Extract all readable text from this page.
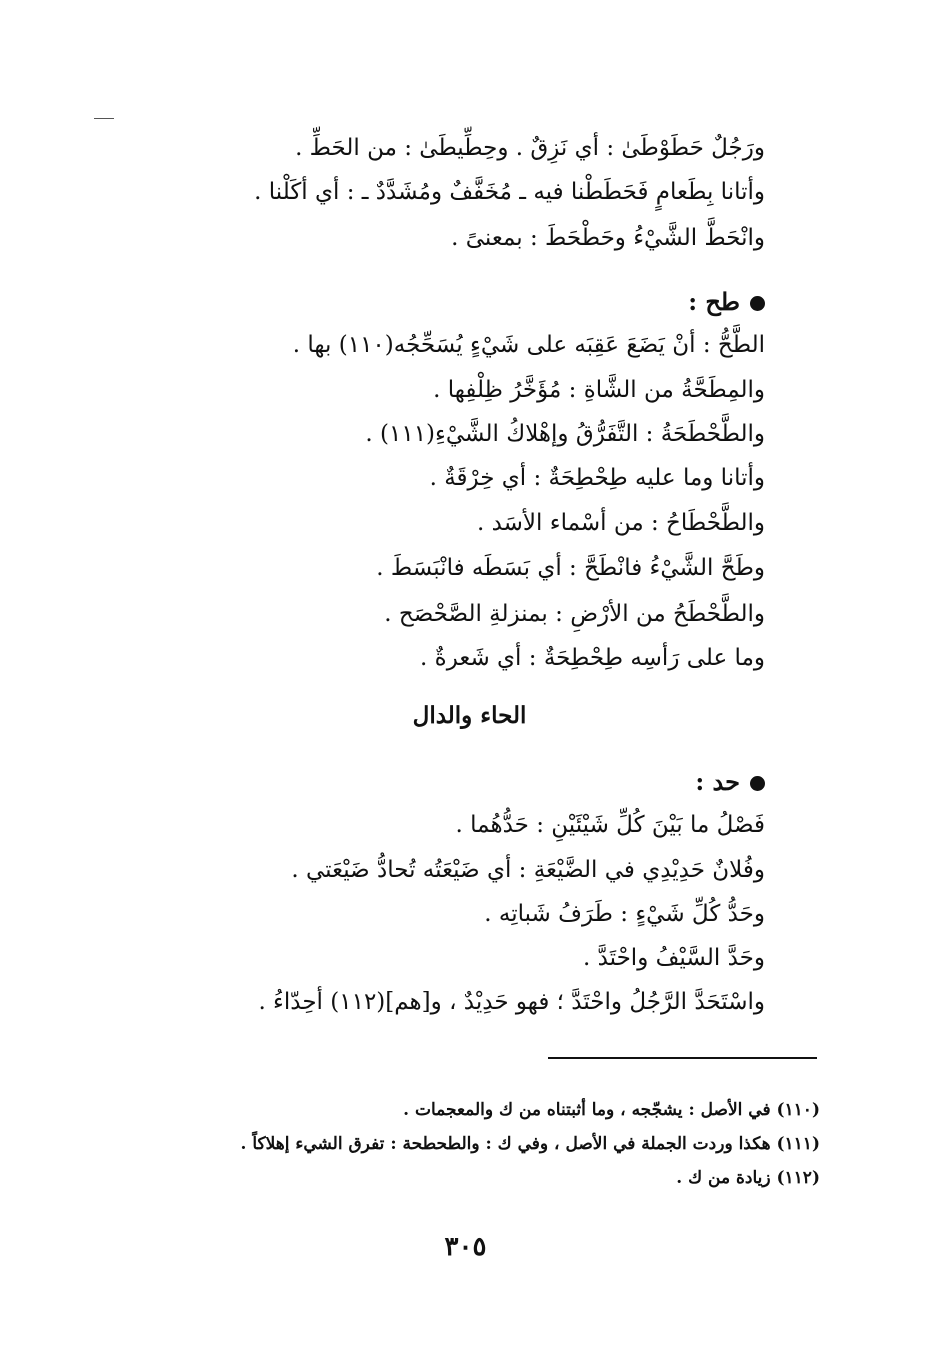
ورَجُلٌ حَطَوْطَىٰ : أي نَزِقٌ . وحِطِّيطَىٰ : من الحَطِّ .
وأتانا بِطَعامٍ فَحَطَطْنا فيه ـ مُخَفَّفٌ ومُشَدَّدٌ ـ : أي أكَلْنا .
وانْحَطَّ الشَّيْءُ وحَطْحَطَ : بمعنىً .
طح :
الطَّحُّ : أنْ يَضَعَ عَقِبَه على شَيْءٍ يُسَحِّجُه(١١٠) بها .
والمِطَحَّةُ من الشَّاةِ : مُؤَخَّرُ ظِلْفِها .
والطَّحْطَحَةُ : التَّفَرُّقُ وإهْلاكُ الشَّيْءِ(١١١) .
وأتانا وما عليه طِحْطِحَةٌ : أي خِرْقَةٌ .
والطَّحْطَاحُ : من أسْماء الأسَد .
وطَحَّ الشَّيْءُ فانْطَحَّ : أي بَسَطَه فانْبَسَطَ .
والطَّحْطَحُ من الأرْضِ : بمنزلةِ الصَّحْصَح .
وما على رَأسِه طِحْطِحَةٌ : أي شَعرةٌ .
الحاء والدال
حد :
فَصْلُ ما بَيْنَ كُلِّ شَيْئَيْنِ : حَدُّهُما .
وفُلانٌ حَدِيْدِي في الضَّيْعَةِ : أي ضَيْعَتُه تُحادُّ ضَيْعَتي .
وحَدُّ كُلِّ شَيْءٍ : طَرَفُ شَباتِه .
وحَدَّ السَّيْفُ واحْتَدَّ .
واسْتَحَدَّ الرَّجُلُ واحْتَدَّ ؛ فهو حَدِيْدٌ ، و[هم](١١٢) أحِدّاءُ .
(١١٠) في الأصل : يشجّجه ، وما أثبتناه من ك والمعجمات .
(١١١) هكذا وردت الجملة في الأصل ، وفي ك : والطحطحة : تفرق الشيء إهلاكاً .
(١١٢) زيادة من ك .
٣٠٥
